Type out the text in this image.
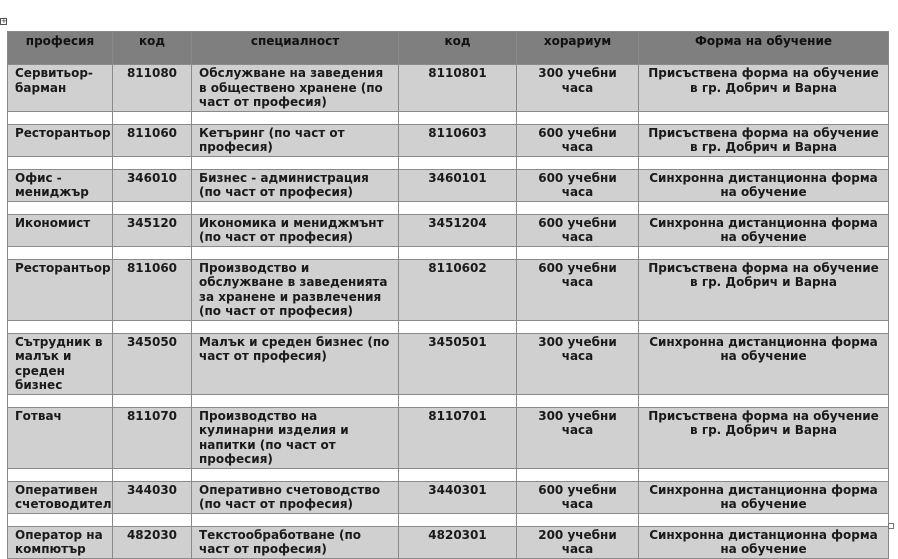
+
професия	код	специалност	код	хорариум	Форма на обучение
Сервитьор-барман	811080	Обслужване на заведения в обществено хранене (по част от професия)	8110801	300 учебни часа	Присъствена форма на обучение в гр. Добрич и Варна

Ресторантьор	811060	Кетъринг (по част от професия)	8110603	600 учебни часа	Присъствена форма на обучение в гр. Добрич и Варна

Офис - мениджър	346010	Бизнес - администрация (по част от професия)	3460101	600 учебни часа	Синхронна дистанционна форма на обучение

Икономист	345120	Икономика и мениджмънт (по част от професия)	3451204	600 учебни часа	Синхронна дистанционна форма на обучение

Ресторантьор	811060	Производство и обслужване в заведенията за хранене и развлечения (по част от професия)	8110602	600 учебни часа	Присъствена форма на обучение в гр. Добрич и Варна

Сътрудник в малък и среден бизнес	345050	Малък и среден бизнес (по част от професия)	3450501	300 учебни часа	Синхронна дистанционна форма на обучение

Готвач	811070	Производство на кулинарни изделия и напитки (по част от професия)	8110701	300 учебни часа	Присъствена форма на обучение в гр. Добрич и Варна

Оперативен счетоводител	344030	Оперативно счетоводство (по част от професия)	3440301	600 учебни часа	Синхронна дистанционна форма на обучение

Оператор на компютър	482030	Текстообработване (по част от професия)	4820301	200 учебни часа	Синхронна дистанционна форма на обучение
